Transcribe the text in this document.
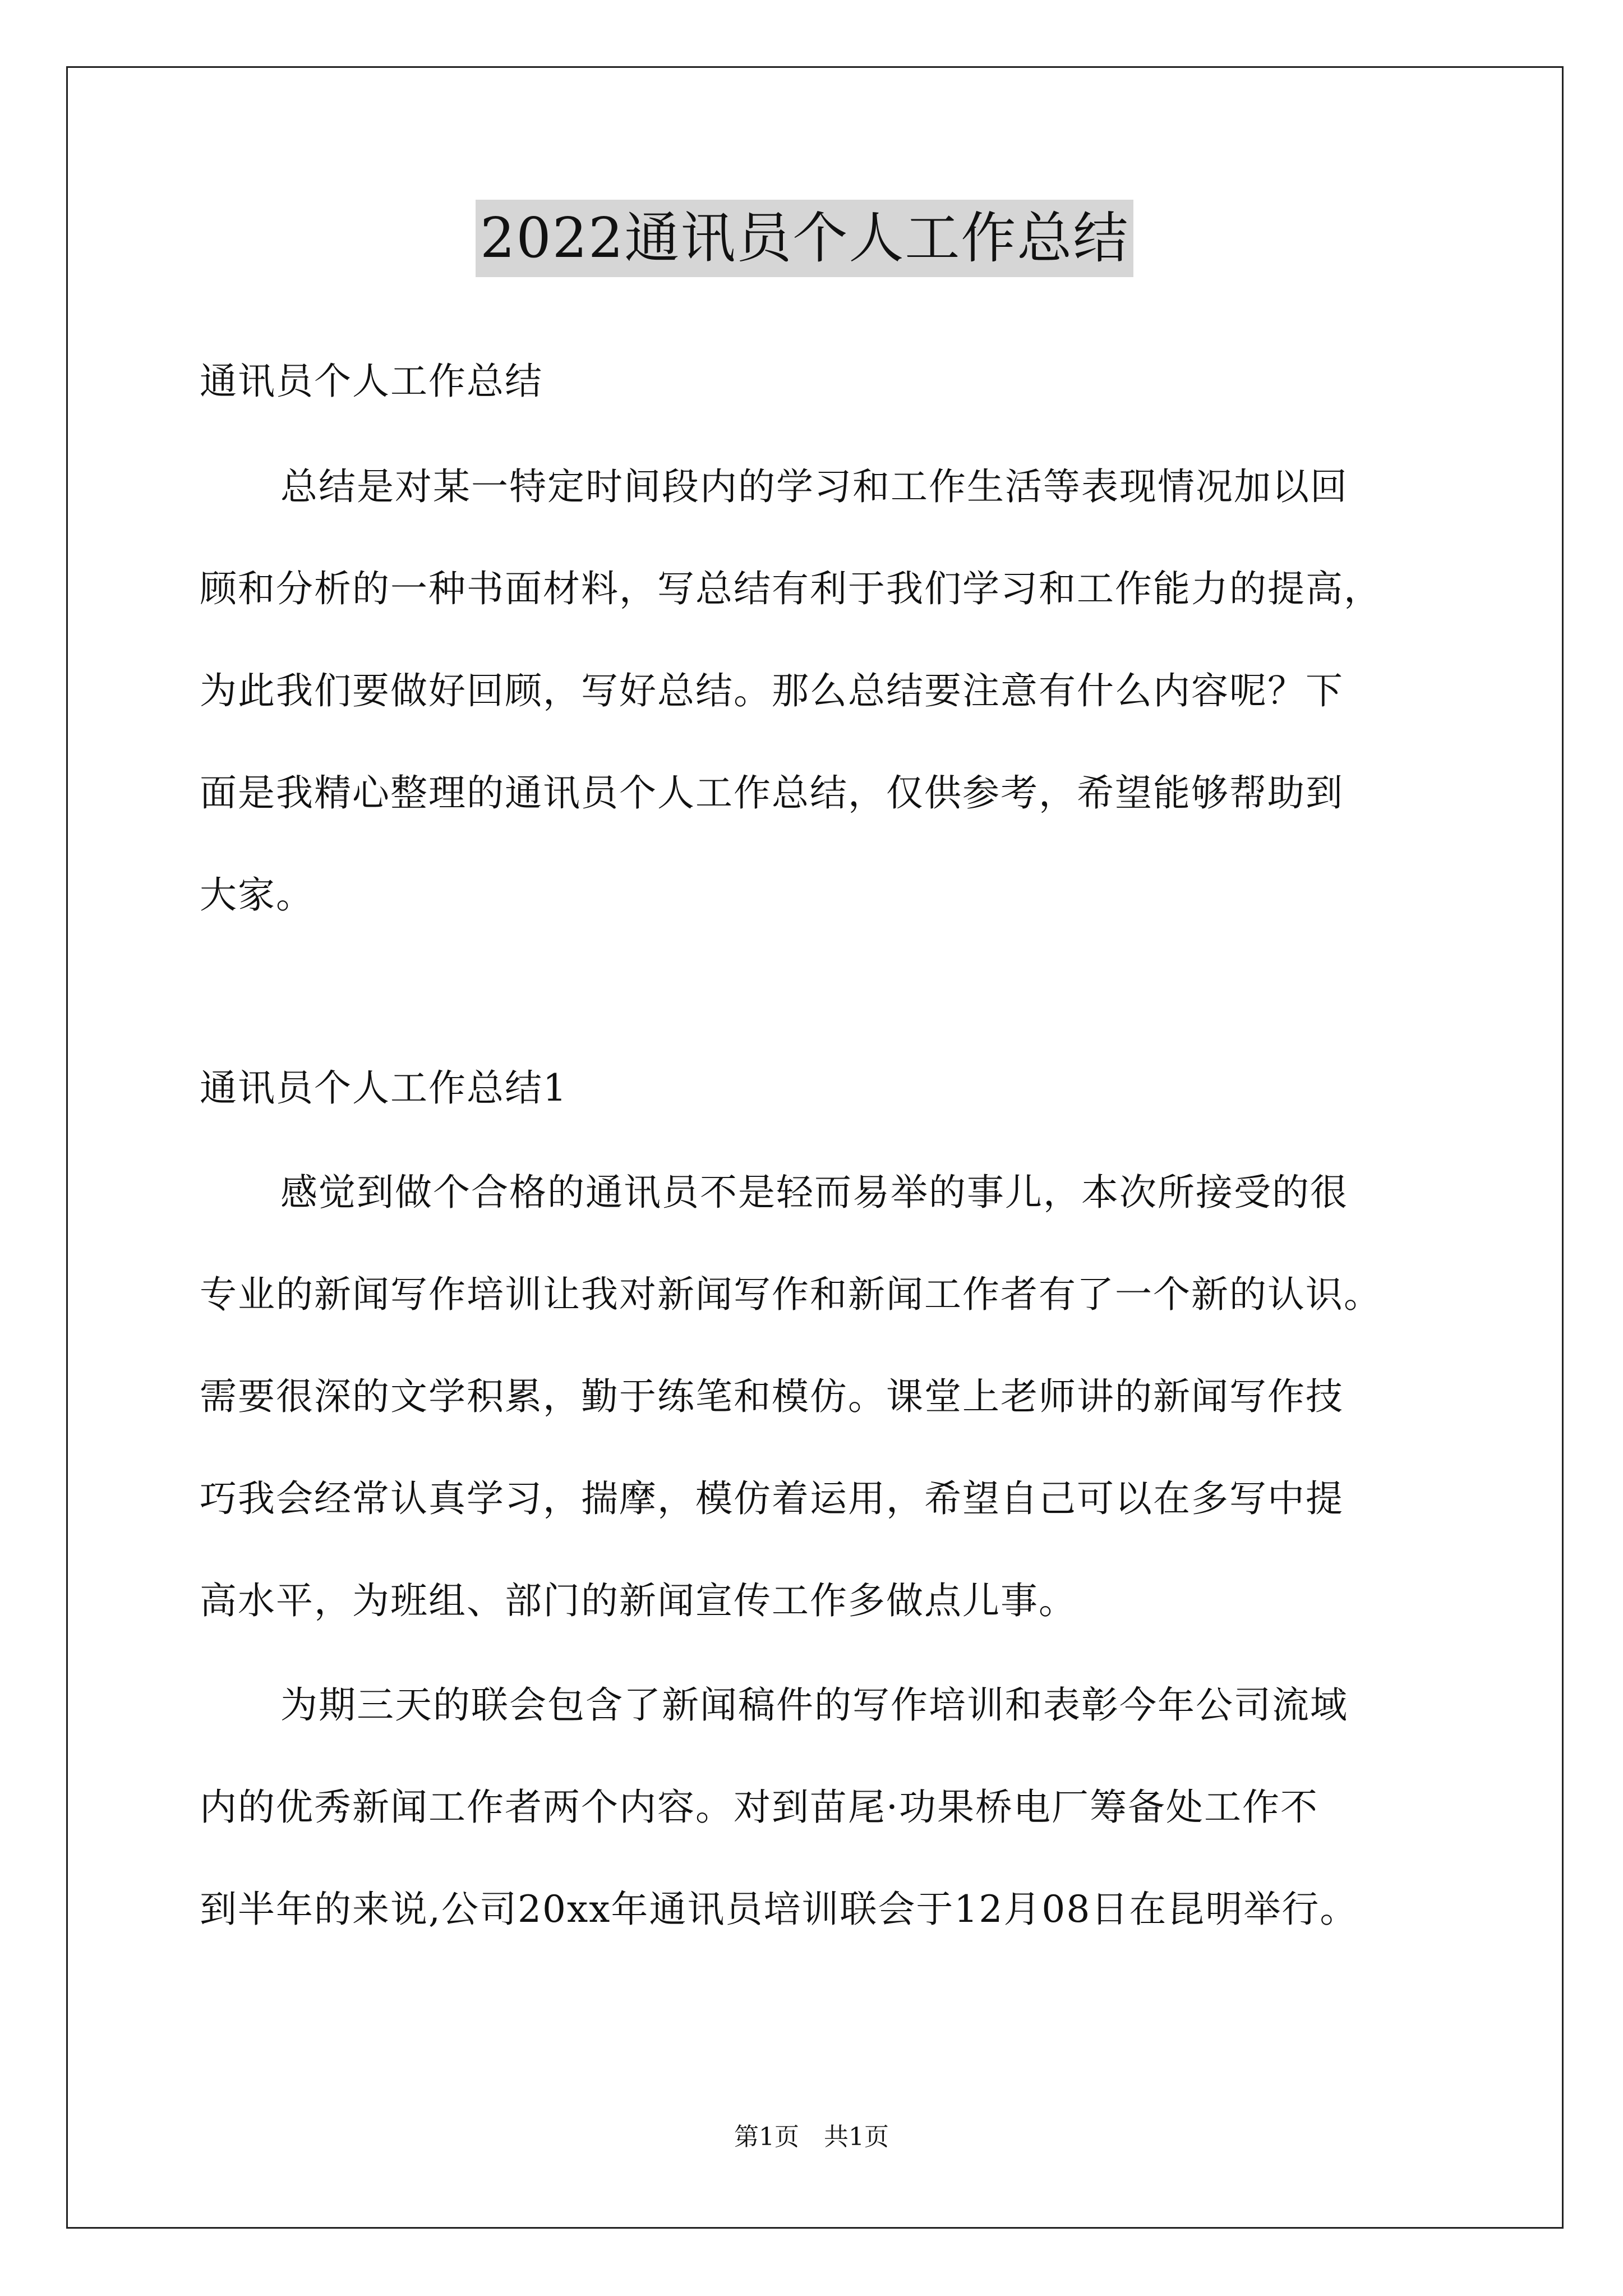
2022通讯员个人工作总结
通讯员个人工作总结
总结是对某一特定时间段内的学习和工作生活等表现情况加以回
顾和分析的一种书面材料，写总结有利于我们学习和工作能力的提高，
为此我们要做好回顾，写好总结。那么总结要注意有什么内容呢？下
面是我精心整理的通讯员个人工作总结，仅供参考，希望能够帮助到
大家。
通讯员个人工作总结1
感觉到做个合格的通讯员不是轻而易举的事儿，本次所接受的很
专业的新闻写作培训让我对新闻写作和新闻工作者有了一个新的认识。
需要很深的文学积累，勤于练笔和模仿。课堂上老师讲的新闻写作技
巧我会经常认真学习，揣摩，模仿着运用，希望自己可以在多写中提
高水平，为班组、部门的新闻宣传工作多做点儿事。
为期三天的联会包含了新闻稿件的写作培训和表彰今年公司流域
内的优秀新闻工作者两个内容。对到苗尾·功果桥电厂筹备处工作不
到半年的来说,公司20xx年通讯员培训联会于12月08日在昆明举行。
第1页　共1页
